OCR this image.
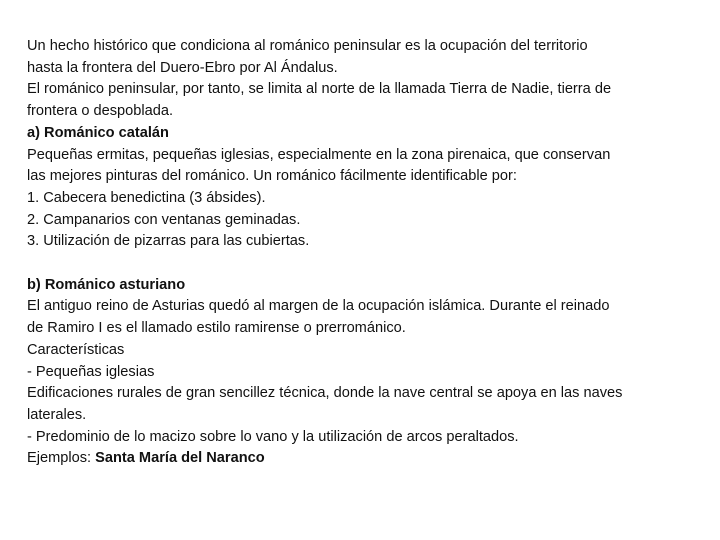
Un hecho histórico que condiciona al románico peninsular es la ocupación del territorio
hasta la frontera del Duero-Ebro por Al Ándalus.
El románico peninsular, por tanto, se limita al norte de la llamada Tierra de Nadie, tierra de
frontera o despoblada.
a) Románico catalán
Pequeñas ermitas, pequeñas iglesias, especialmente en la zona pirenaica, que conservan
las mejores pinturas del románico. Un románico fácilmente identificable por:
1. Cabecera benedictina (3 ábsides).
2. Campanarios con ventanas geminadas.
3. Utilización de pizarras para las cubiertas.
b) Románico asturiano
El antiguo reino de Asturias quedó al margen de la ocupación islámica. Durante el reinado
de Ramiro I es el llamado estilo ramirense o prerrománico.
Características
- Pequeñas iglesias
Edificaciones rurales de gran sencillez técnica, donde la nave central se apoya en las naves
laterales.
- Predominio de lo macizo sobre lo vano y la utilización de arcos peraltados.
Ejemplos: Santa María del Naranco
